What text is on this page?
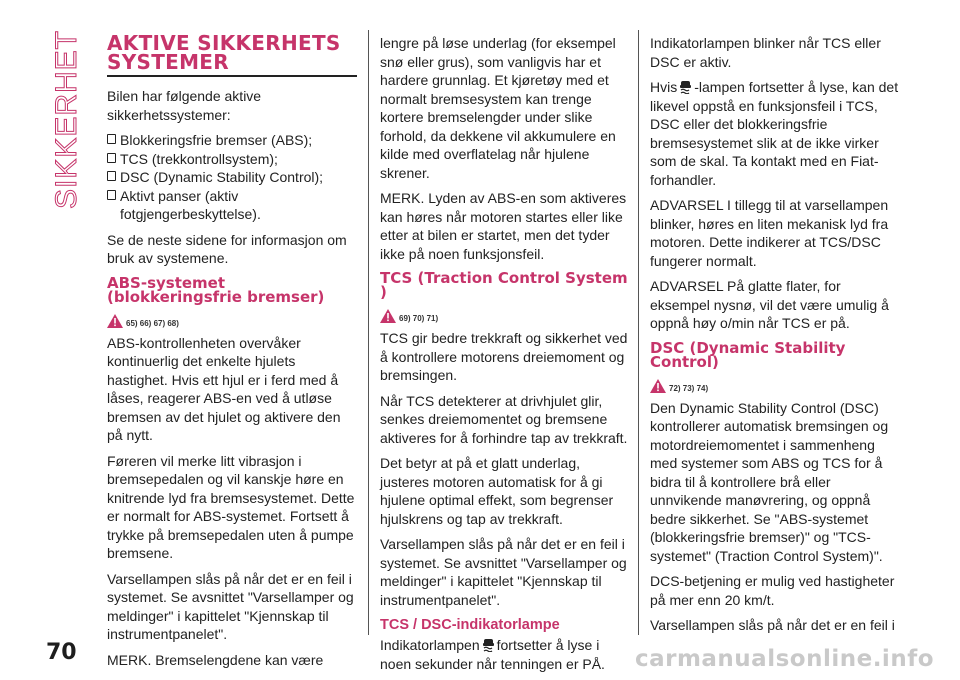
SIKKERHET AKTIVE SIKKERHETS SYSTEMER

Bilen har følgende aktive sikkerhetssystemer:

Blokkeringsfrie bremser (ABS);
TCS (trekkontrollsystem);
DSC (Dynamic Stability Control);
Aktivt panser (aktiv fotgjengerbeskyttelse).

Se de neste sidene for informasjon om bruk av systemene.

ABS-systemet (blokkeringsfrie bremser)
65) 66) 67) 68)

ABS-kontrollenheten overvåker kontinuerlig det enkelte hjulets hastighet. Hvis ett hjul er i ferd med å låses, reagerer ABS-en ved å utløse bremsen av det hjulet og aktivere den på nytt.

Føreren vil merke litt vibrasjon i bremsepedalen og vil kanskje høre en knitrende lyd fra bremsesystemet. Dette er normalt for ABS-systemet. Fortsett å trykke på bremsepedalen uten å pumpe bremsene.

Varsellampen slås på når det er en feil i systemet. Se avsnittet "Varsellamper og meldinger" i kapittelet "Kjennskap til instrumentpanelet".

MERK. Bremselengdene kan være

lengre på løse underlag (for eksempel snø eller grus), som vanligvis har et hardere grunnlag. Et kjøretøy med et normalt bremsesystem kan trenge kortere bremselengder under slike forhold, da dekkene vil akkumulere en kilde med overflatelag når hjulene skrener.

MERK. Lyden av ABS-en som aktiveres kan høres når motoren startes eller like etter at bilen er startet, men det tyder ikke på noen funksjonsfeil.

TCS (Traction Control System )
69) 70) 71)

TCS gir bedre trekkraft og sikkerhet ved å kontrollere motorens dreiemoment og bremsingen.

Når TCS detekterer at drivhjulet glir, senkes dreiemomentet og bremsene aktiveres for å forhindre tap av trekkraft.

Det betyr at på et glatt underlag, justeres motoren automatisk for å gi hjulene optimal effekt, som begrenser hjulskrens og tap av trekkraft.

Varsellampen slås på når det er en feil i systemet. Se avsnittet "Varsellamper og meldinger" i kapittelet "Kjennskap til instrumentpanelet".

TCS / DSC-indikatorlampe

Indikatorlampen fortsetter å lyse i noen sekunder når tenningen er PÅ.

Indikatorlampen blinker når TCS eller DSC er aktiv.

Hvis -lampen fortsetter å lyse, kan det likevel oppstå en funksjonsfeil i TCS, DSC eller det blokkeringsfrie bremsesystemet slik at de ikke virker som de skal. Ta kontakt med en Fiat-forhandler.

ADVARSEL I tillegg til at varsellampen blinker, høres en liten mekanisk lyd fra motoren. Dette indikerer at TCS/DSC fungerer normalt.

ADVARSEL På glatte flater, for eksempel nysnø, vil det være umulig å oppnå høy o/min når TCS er på.

DSC (Dynamic Stability Control)
72) 73) 74)

Den Dynamic Stability Control (DSC) kontrollerer automatisk bremsingen og motordreiemomentet i sammenheng med systemer som ABS og TCS for å bidra til å kontrollere brå eller unnvikende manøvrering, og oppnå bedre sikkerhet. Se "ABS-systemet (blokkeringsfrie bremser)" og "TCS-systemet" (Traction Control System)".

DCS-betjening er mulig ved hastigheter på mer enn 20 km/t.

Varsellampen slås på når det er en feil i

70	carmanualsonline.info
